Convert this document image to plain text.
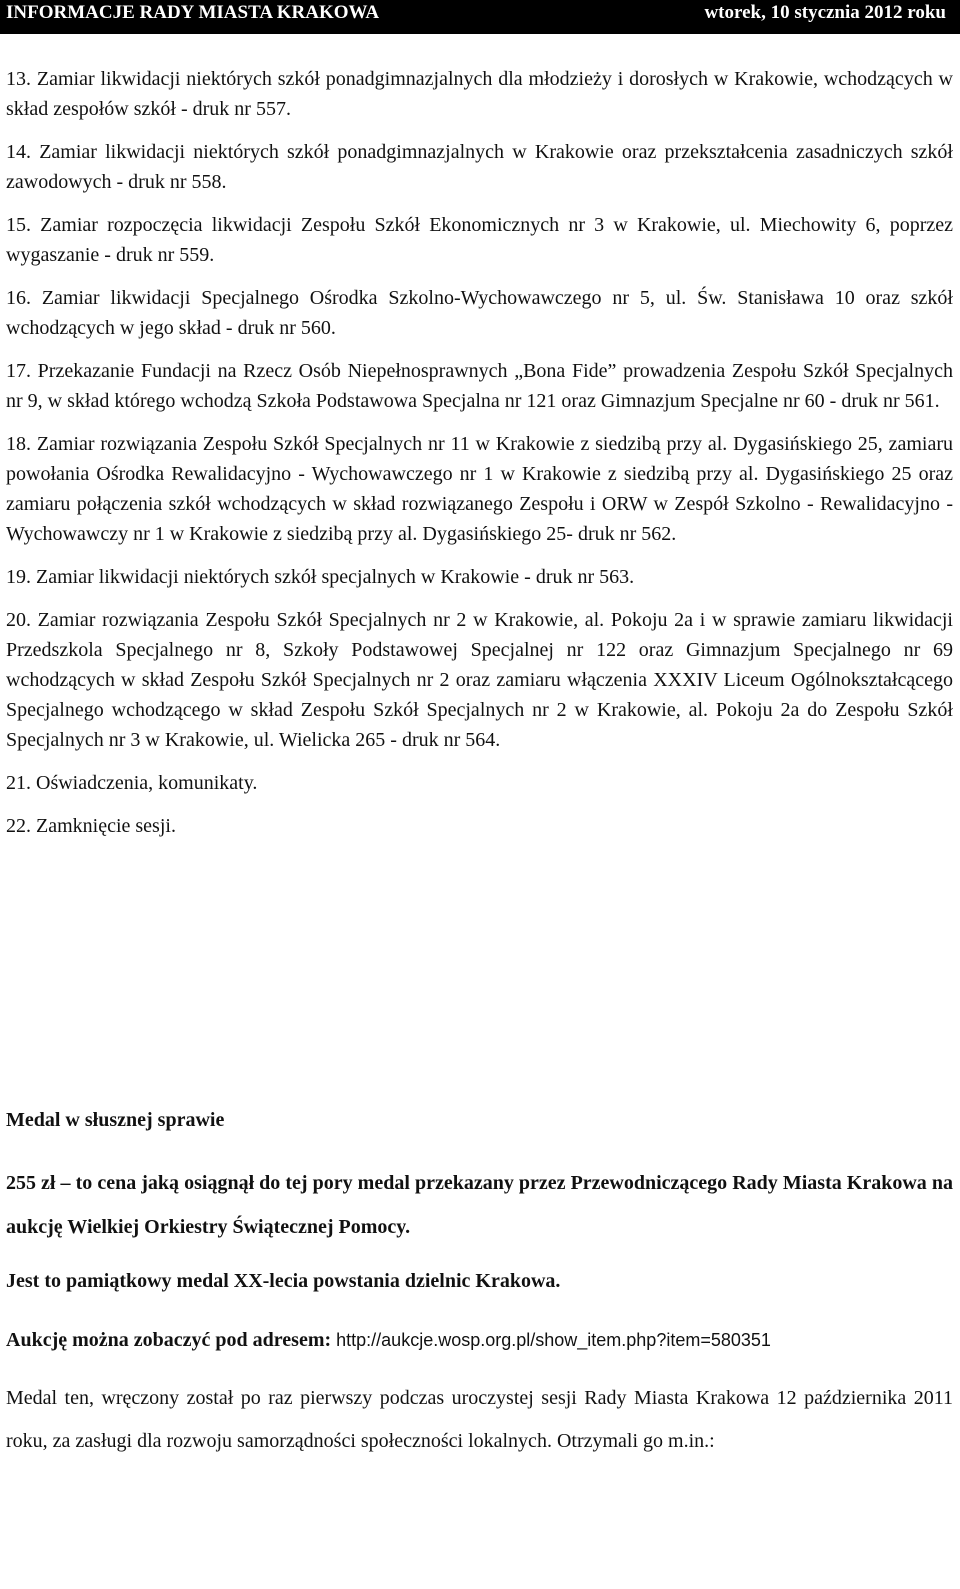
INFORMACJE RADY MIASTA KRAKOWA	wtorek, 10 stycznia 2012 roku

13. Zamiar likwidacji niektórych szkół ponadgimnazjalnych dla młodzieży i dorosłych w Krakowie, wchodzących w skład zespołów szkół - druk nr 557.

14. Zamiar likwidacji niektórych szkół ponadgimnazjalnych w Krakowie oraz przekształcenia zasadniczych szkół zawodowych - druk nr 558.

15. Zamiar rozpoczęcia likwidacji Zespołu Szkół Ekonomicznych nr 3 w Krakowie, ul. Miechowity 6, poprzez wygaszanie - druk nr 559.

16. Zamiar likwidacji Specjalnego Ośrodka Szkolno-Wychowawczego nr 5, ul. Św. Stanisława 10 oraz szkół wchodzących w jego skład - druk nr 560.

17. Przekazanie Fundacji na Rzecz Osób Niepełnosprawnych „Bona Fide” prowadzenia Zespołu Szkół Specjalnych nr 9, w skład którego wchodzą Szkoła Podstawowa Specjalna nr 121 oraz Gimnazjum Specjalne nr 60 - druk nr 561.

18. Zamiar rozwiązania Zespołu Szkół Specjalnych nr 11 w Krakowie z siedzibą przy al. Dygasińskiego 25, zamiaru powołania Ośrodka Rewalidacyjno - Wychowawczego nr 1 w Krakowie z siedzibą przy al. Dygasińskiego 25 oraz zamiaru połączenia szkół wchodzących w skład rozwiązanego Zespołu i ORW w Zespół Szkolno - Rewalidacyjno - Wychowawczy nr 1 w Krakowie z siedzibą przy al. Dygasińskiego 25- druk nr 562.

19. Zamiar likwidacji niektórych szkół specjalnych w Krakowie - druk nr 563.

20. Zamiar rozwiązania Zespołu Szkół Specjalnych nr 2 w Krakowie, al. Pokoju 2a i w sprawie zamiaru likwidacji Przedszkola Specjalnego nr 8, Szkoły Podstawowej Specjalnej nr 122 oraz Gimnazjum Specjalnego nr 69 wchodzących w skład Zespołu Szkół Specjalnych nr 2 oraz zamiaru włączenia XXXIV Liceum Ogólnokształcącego Specjalnego wchodzącego w skład Zespołu Szkół Specjalnych nr 2 w Krakowie, al. Pokoju 2a do Zespołu Szkół Specjalnych nr 3 w Krakowie, ul. Wielicka 265 - druk nr 564.

21. Oświadczenia, komunikaty.

22. Zamknięcie sesji.

Medal w słusznej sprawie

255 zł – to cena jaką osiągnął do tej pory medal przekazany przez Przewodniczącego Rady Miasta Krakowa na aukcję Wielkiej Orkiestry Świątecznej Pomocy.

Jest to pamiątkowy medal XX-lecia powstania dzielnic Krakowa.

Aukcję można zobaczyć pod adresem: http://aukcje.wosp.org.pl/show_item.php?item=580351

Medal ten, wręczony został po raz pierwszy podczas uroczystej sesji Rady Miasta Krakowa 12 października 2011 roku, za zasługi dla rozwoju samorządności społeczności lokalnych. Otrzymali go m.in.:
